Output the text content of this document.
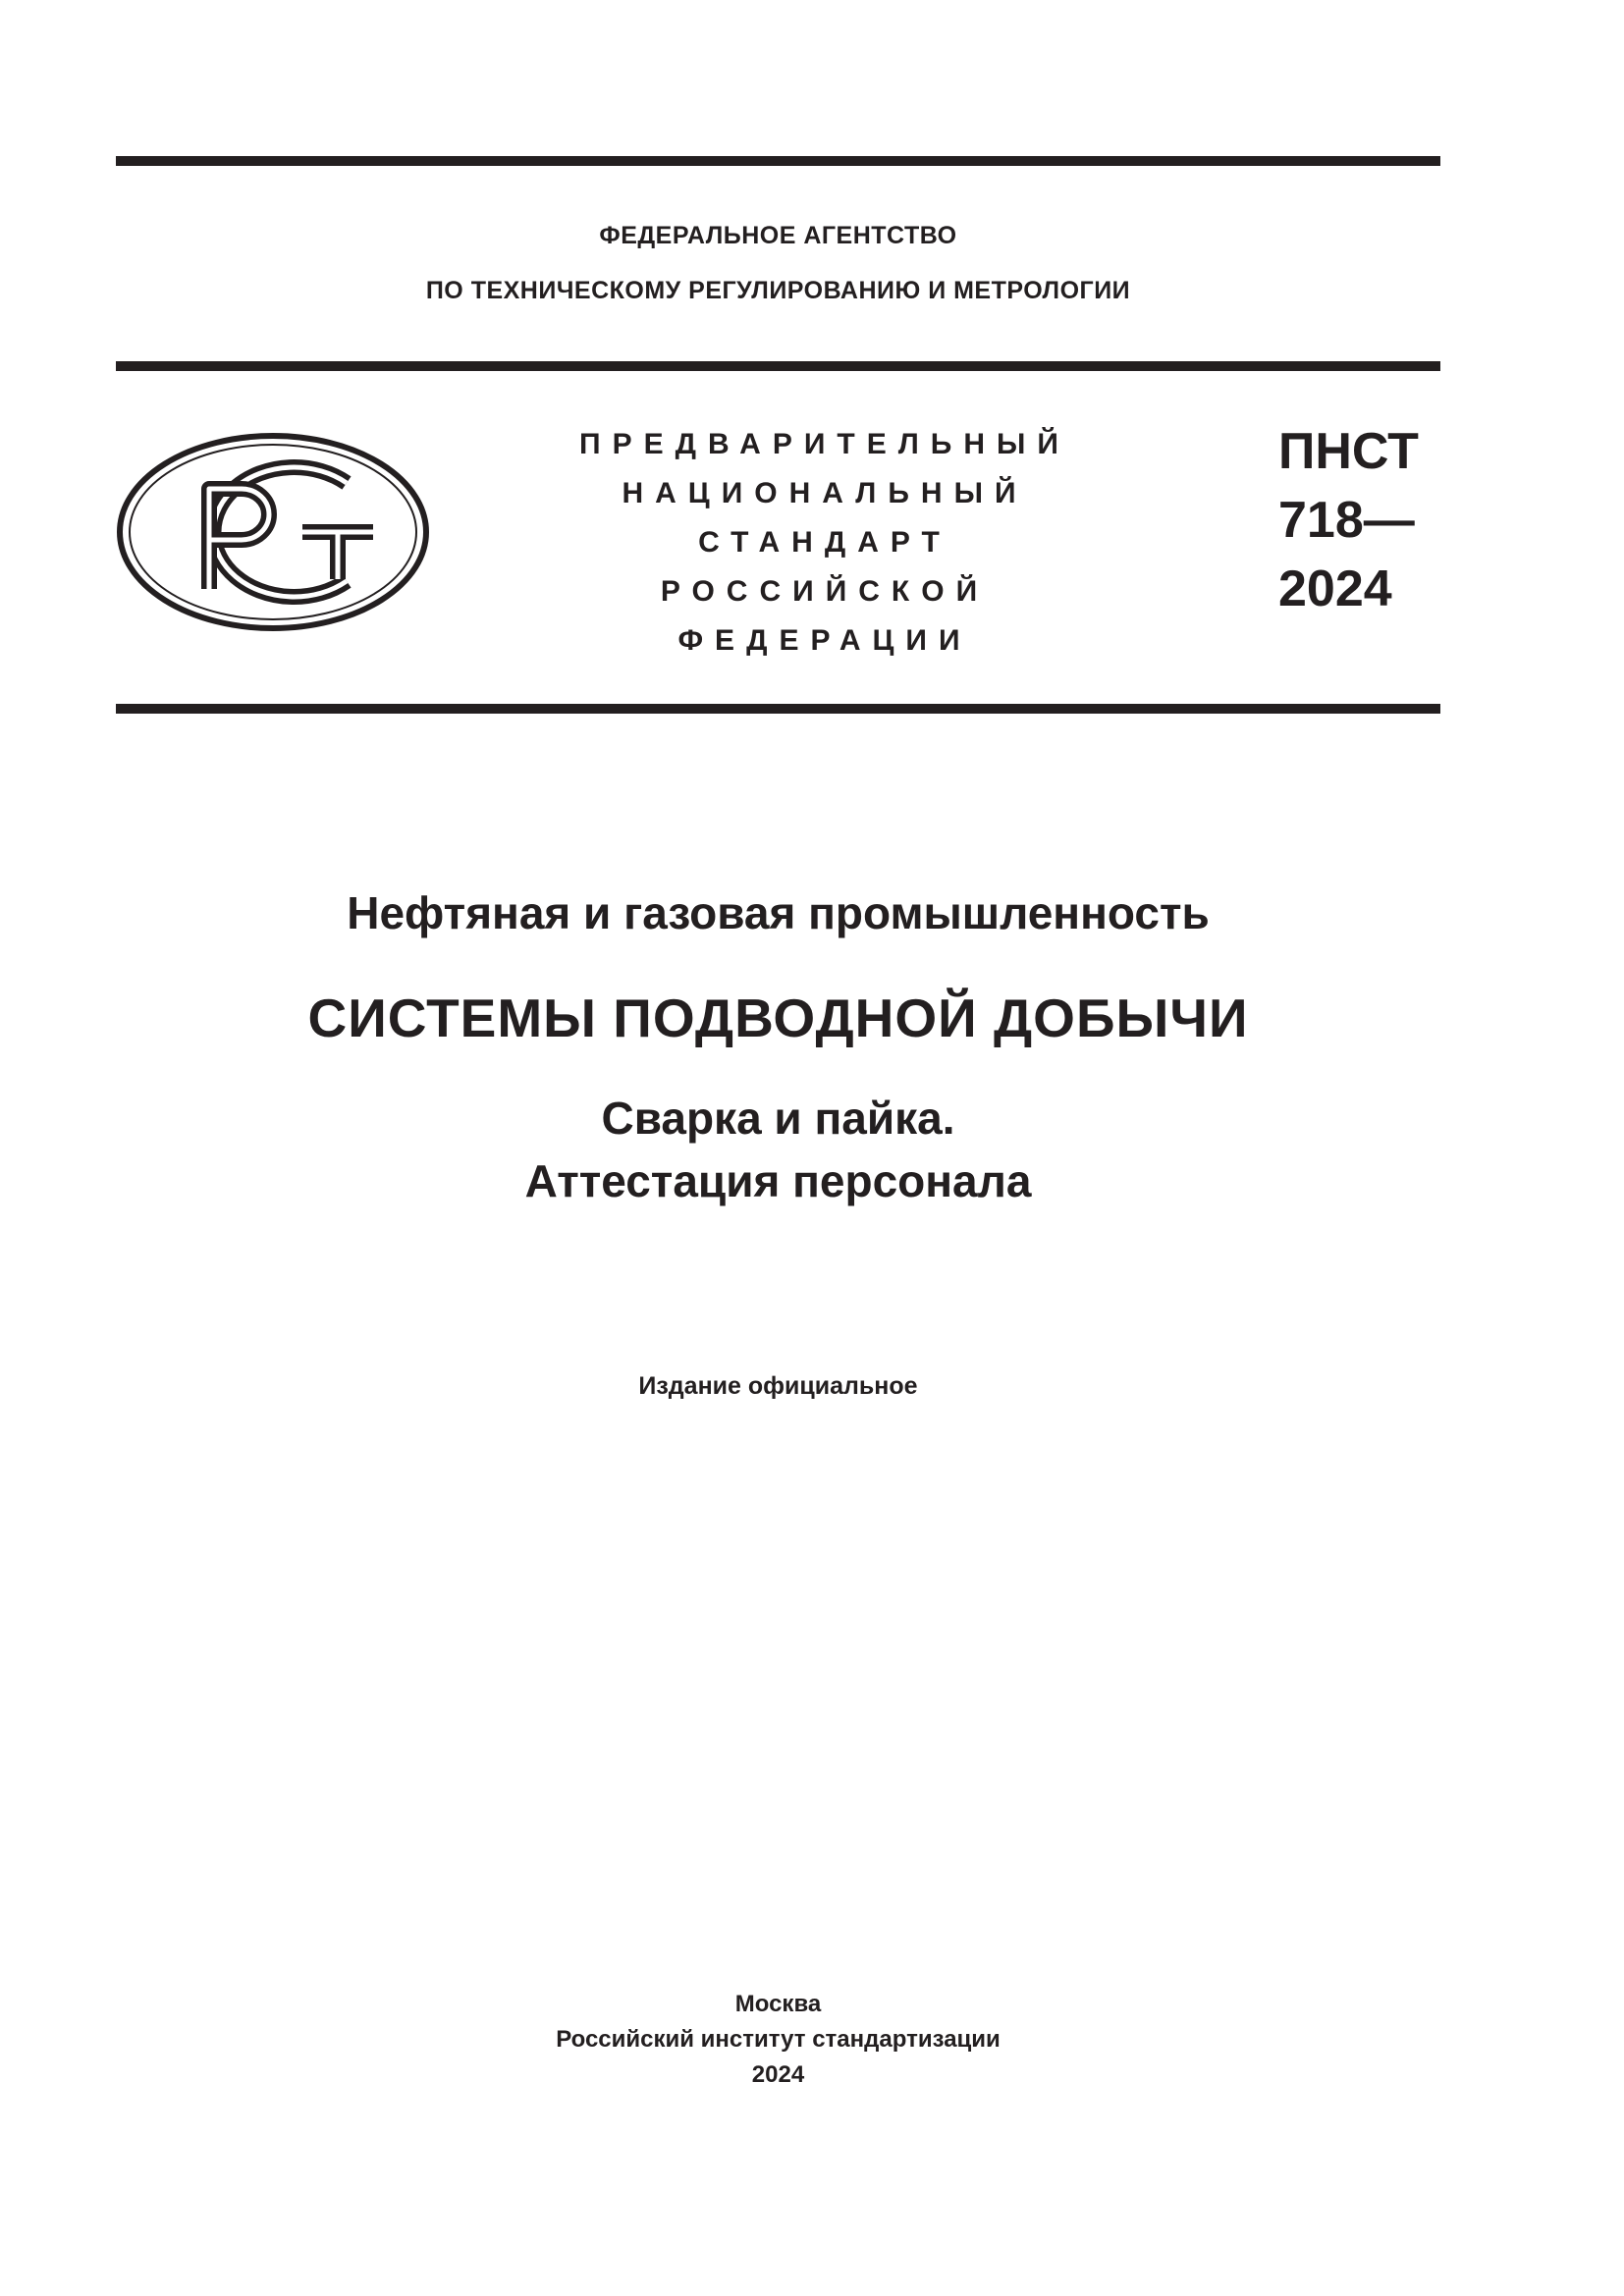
ФЕДЕРАЛЬНОЕ АГЕНТСТВО
ПО ТЕХНИЧЕСКОМУ РЕГУЛИРОВАНИЮ И МЕТРОЛОГИИ
ПРЕДВАРИТЕЛЬНЫЙ
НАЦИОНАЛЬНЫЙ
СТАНДАРТ
РОССИЙСКОЙ
ФЕДЕРАЦИИ
ПНСТ
718—
2024
Нефтяная и газовая промышленность
СИСТЕМЫ ПОДВОДНОЙ ДОБЫЧИ
Сварка и пайка.
Аттестация персонала
Издание официальное
Москва
Российский институт стандартизации
2024
